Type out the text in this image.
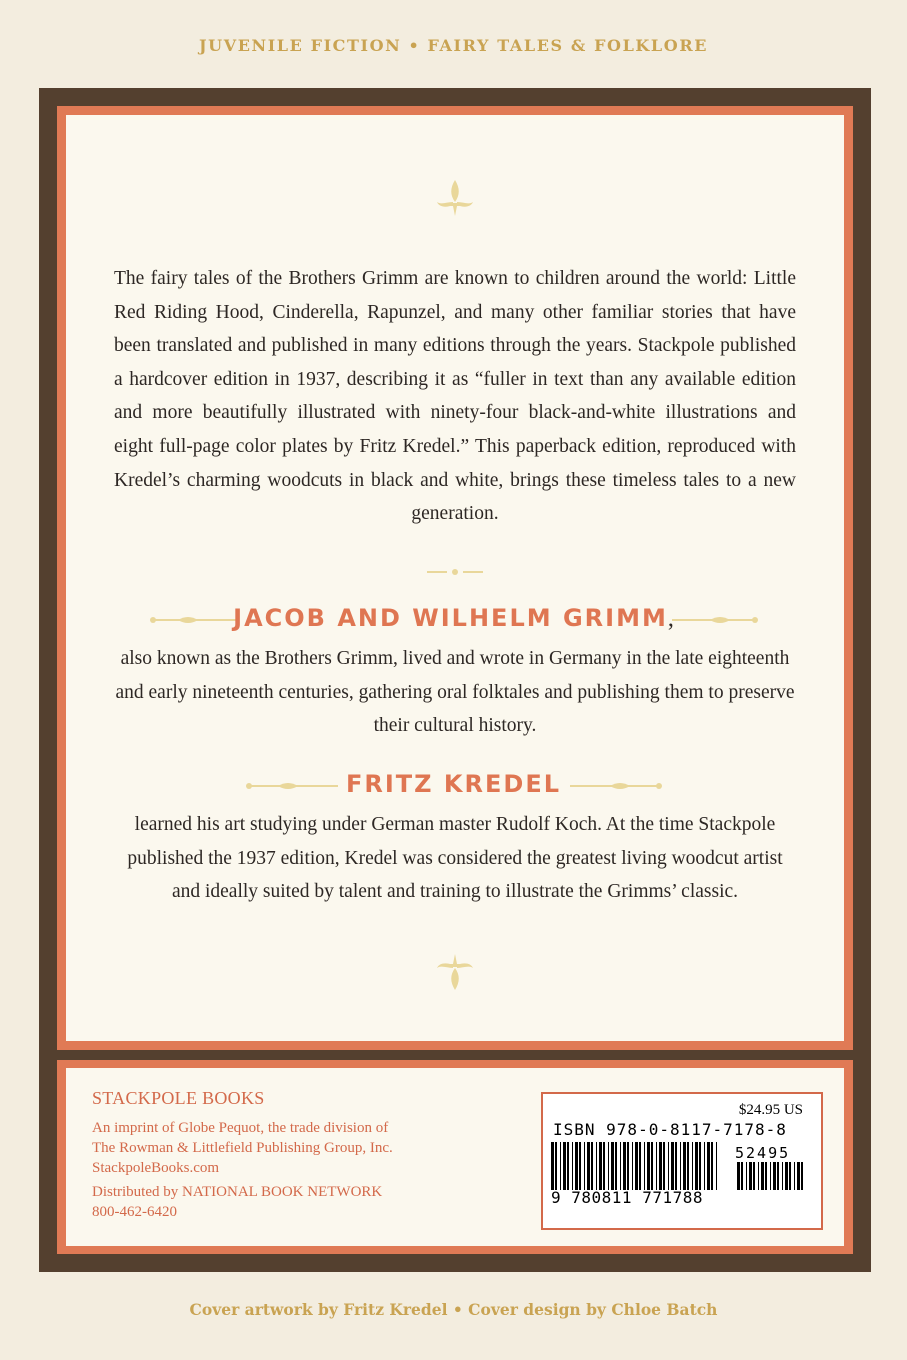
JUVENILE FICTION • FAIRY TALES & FOLKLORE
The fairy tales of the Brothers Grimm are known to children around the world: Little Red Riding Hood, Cinderella, Rapunzel, and many other familiar stories that have been translated and published in many editions through the years. Stackpole published a hardcover edition in 1937, describing it as “fuller in text than any available edition and more beautifully illustrated with ninety-four black-and-white illustrations and eight full-page color plates by Fritz Kredel.” This paperback edition, reproduced with Kredel’s charming woodcuts in black and white, brings these timeless tales to a new generation.
JACOB AND WILHELM GRIMM,
also known as the Brothers Grimm, lived and wrote in Germany in the late eighteenth and early nineteenth centuries, gathering oral folktales and publishing them to preserve their cultural history.
FRITZ KREDEL
learned his art studying under German master Rudolf Koch. At the time Stackpole published the 1937 edition, Kredel was considered the greatest living woodcut artist and ideally suited by talent and training to illustrate the Grimms’ classic.
STACKPOLE BOOKS
An imprint of Globe Pequot, the trade division of
The Rowman & Littlefield Publishing Group, Inc.
StackpoleBooks.com
Distributed by NATIONAL BOOK NETWORK
800-462-6420
$24.95 US
ISBN 978-0-8117-7178-8
52495
9 780811 771788
Cover artwork by Fritz Kredel • Cover design by Chloe Batch
